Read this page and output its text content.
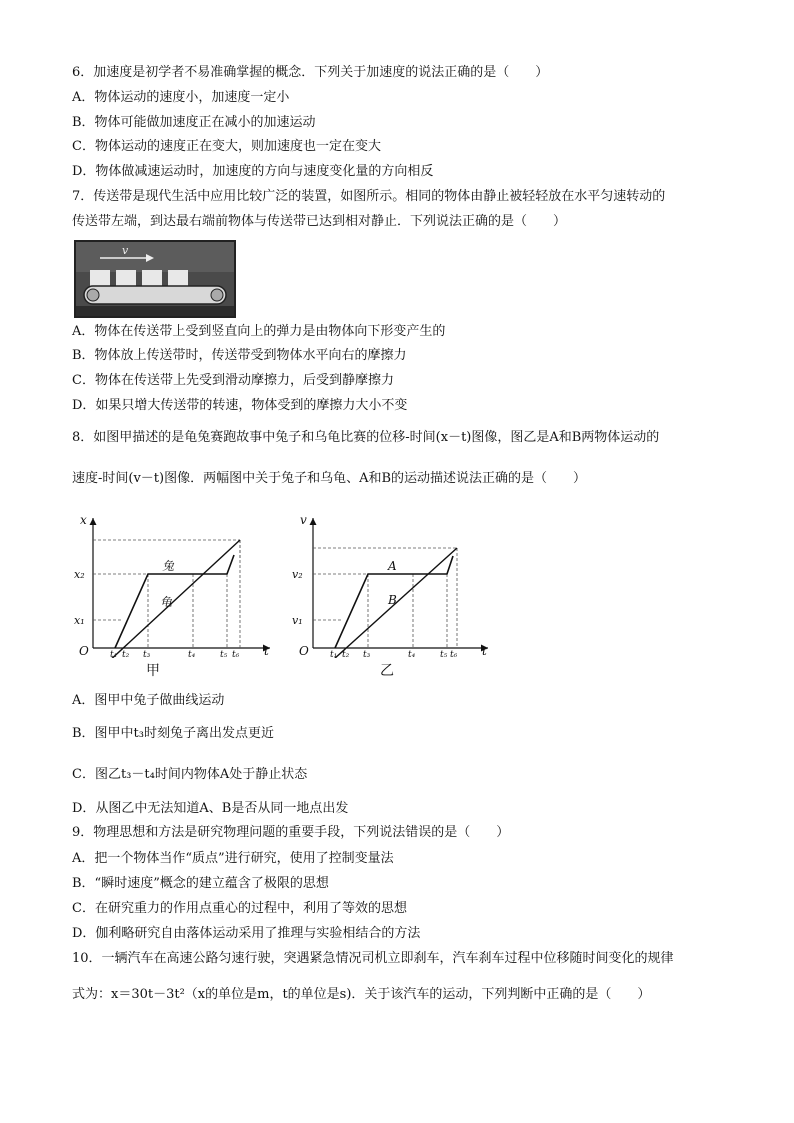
6．加速度是初学者不易准确掌握的概念．下列关于加速度的说法正确的是（　　）
A．物体运动的速度小，加速度一定小
B．物体可能做加速度正在减小的加速运动
C．物体运动的速度正在变大，则加速度也一定在变大
D．物体做减速运动时，加速度的方向与速度变化量的方向相反
7．传送带是现代生活中应用比较广泛的装置，如图所示。相同的物体由静止被轻轻放在水平匀速转动的
传送带左端，到达最右端前物体与传送带已达到相对静止．下列说法正确的是（　　）
v
A．物体在传送带上受到竖直向上的弹力是由物体向下形变产生的
B．物体放上传送带时，传送带受到物体水平向右的摩擦力
C．物体在传送带上先受到滑动摩擦力，后受到静摩擦力
D．如果只增大传送带的转速，物体受到的摩擦力大小不变
8．如图甲描述的是龟兔赛跑故事中兔子和乌龟比赛的位移-时间(x－t)图像，图乙是A和B两物体运动的
速度-时间(v－t)图像．两幅图中关于兔子和乌龟、A和B的运动描述说法正确的是（　　）
x
t
O
兔
龟
x₂
x₁
t₁ t₂ t₃	t₄	t₅ t₆
甲
v
t
O
A
B
v₂
v₁
t₁ t₂ t₃	t₄	t₅ t₆
乙
A．图甲中兔子做曲线运动
B．图甲中t₃时刻兔子离出发点更近
C．图乙t₃－t₄时间内物体A处于静止状态
D．从图乙中无法知道A、B是否从同一地点出发
9．物理思想和方法是研究物理问题的重要手段，下列说法错误的是（　　）
A．把一个物体当作“质点”进行研究，使用了控制变量法
B．“瞬时速度”概念的建立蕴含了极限的思想
C．在研究重力的作用点重心的过程中，利用了等效的思想
D．伽利略研究自由落体运动采用了推理与实验相结合的方法
10．一辆汽车在高速公路匀速行驶，突遇紧急情况司机立即刹车，汽车刹车过程中位移随时间变化的规律
式为：x＝30t－3t²（x的单位是m，t的单位是s)．关于该汽车的运动，下列判断中正确的是（　　）
